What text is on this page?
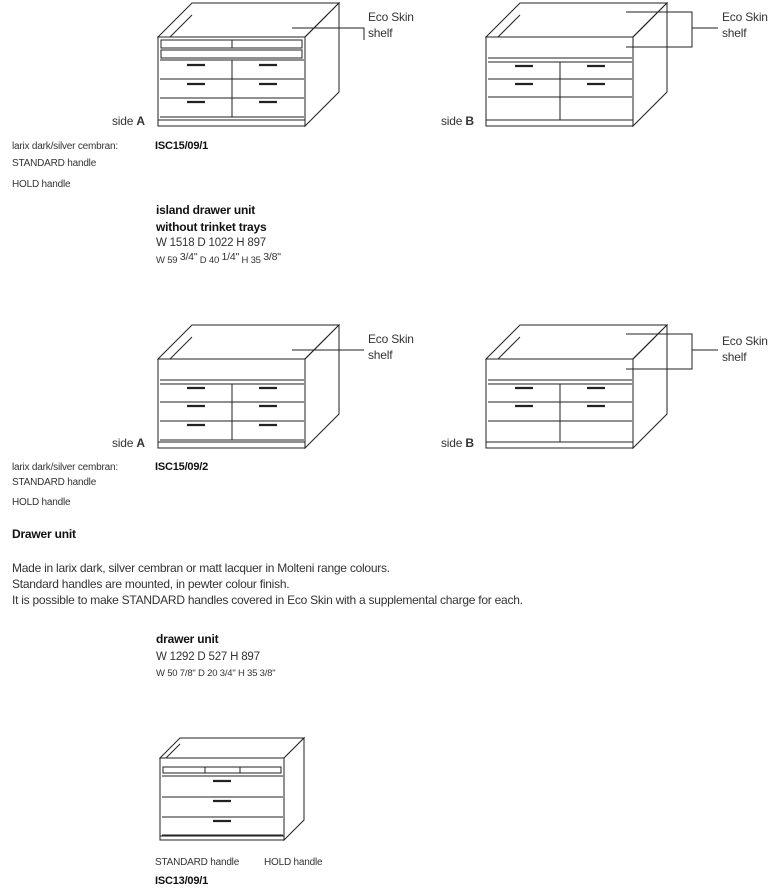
Eco Skin
shelf
Eco Skin
shelf
side A	side B
larix dark/silver cembran:
STANDARD handle
HOLD handle
ISC15/09/1
island drawer unit
without trinket trays
W 1518 D 1022 H 897
W 59 3/4" D 40 1/4" H 35 3/8"
Eco Skin
shelf
Eco Skin
shelf
side A	side B
larix dark/silver cembran:
STANDARD handle
HOLD handle
ISC15/09/2
Drawer unit
Made in larix dark, silver cembran or matt lacquer in Molteni range colours.
Standard handles are mounted, in pewter colour finish.
It is possible to make STANDARD handles covered in Eco Skin with a supplemental charge for each.
drawer unit
W 1292 D 527 H 897
W 50 7/8" D 20 3/4" H 35 3/8"
STANDARD handle HOLD handle
ISC13/09/1
